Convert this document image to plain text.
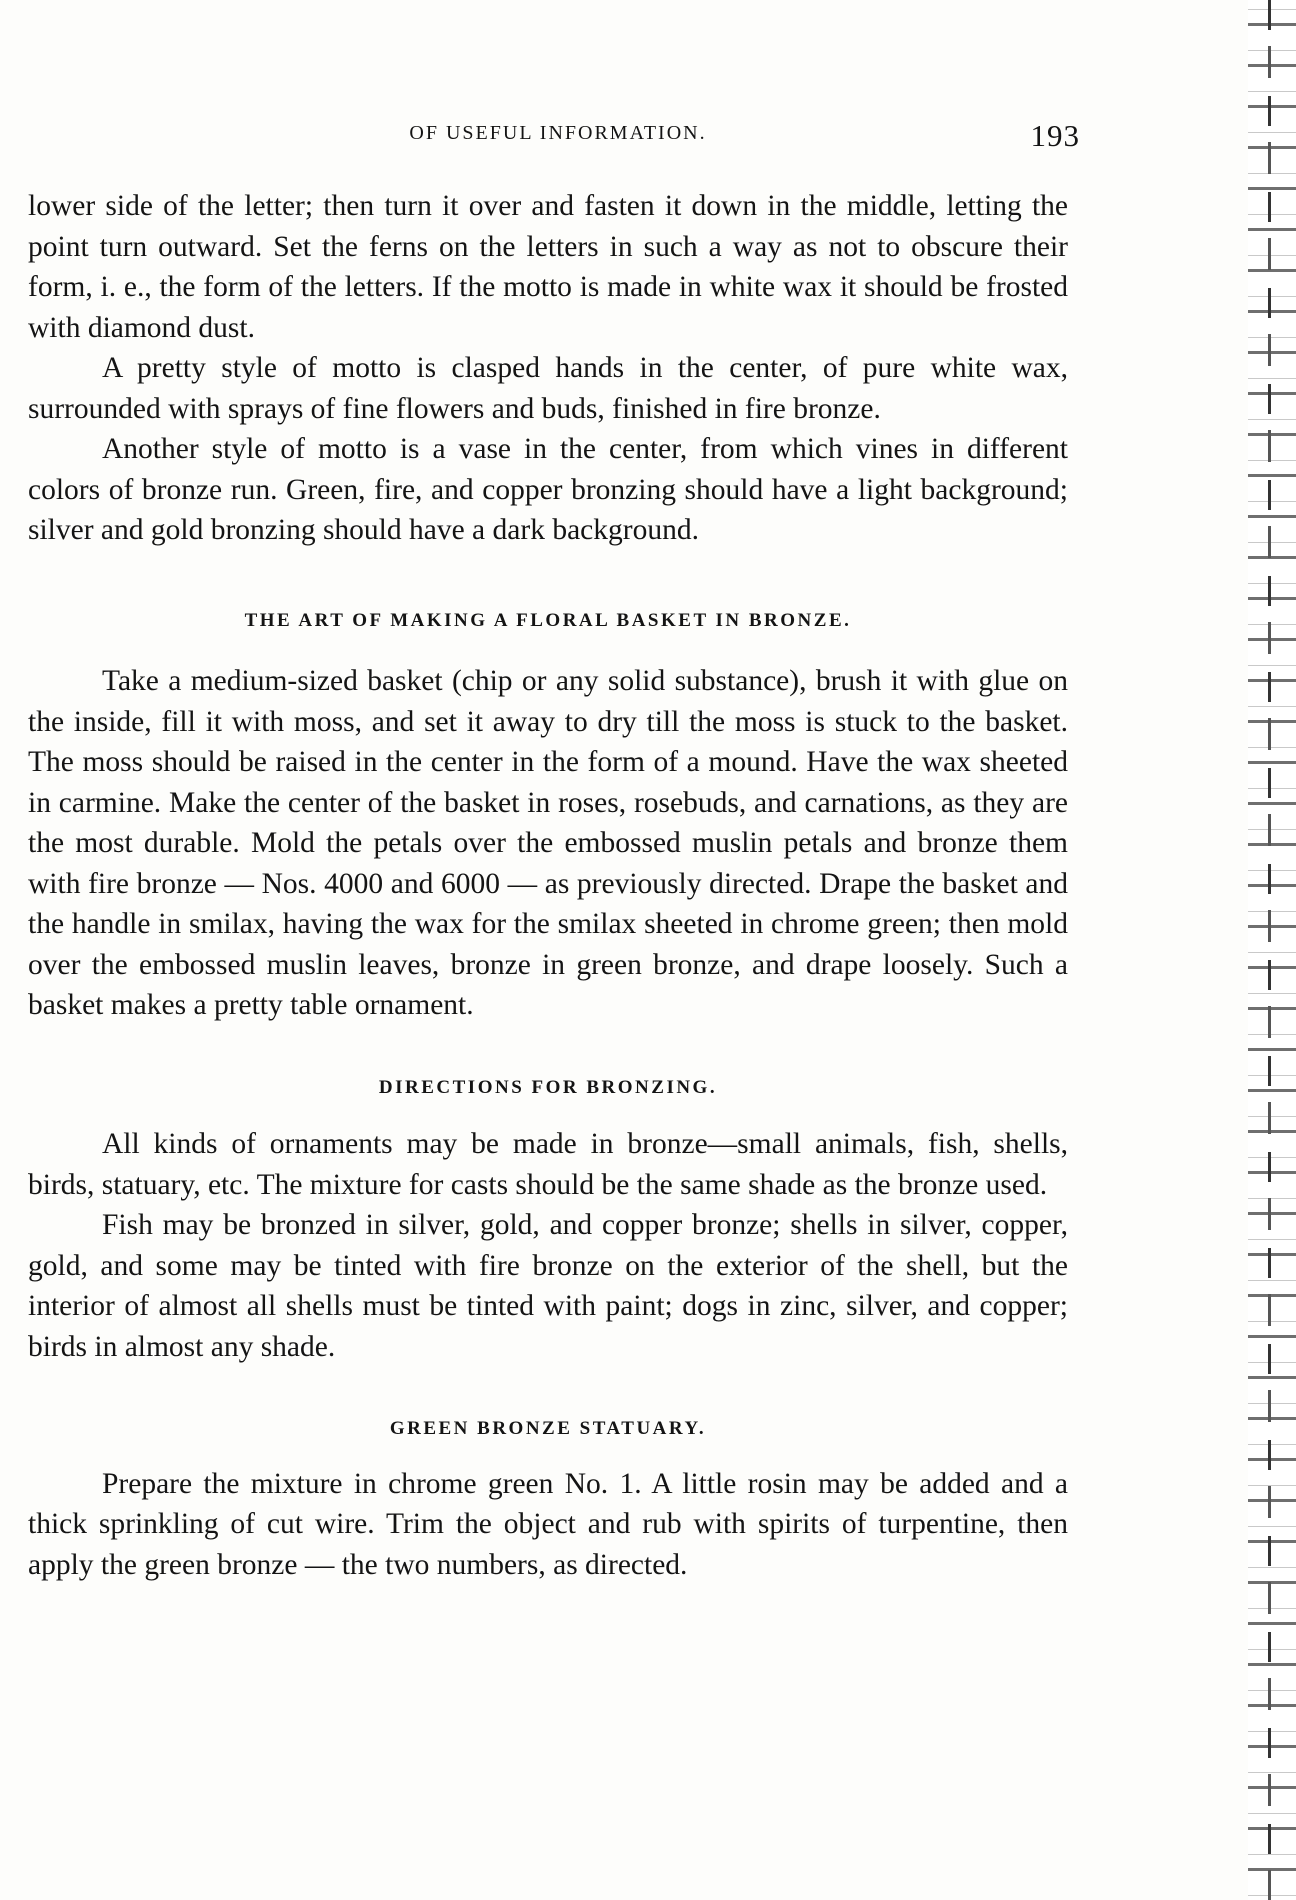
OF USEFUL INFORMATION.	193

lower side of the letter; then turn it over and fasten it down in the middle, letting the point turn outward. Set the ferns on the letters in such a way as not to obscure their form, i. e., the form of the letters. If the motto is made in white wax it should be frosted with diamond dust.

A pretty style of motto is clasped hands in the center, of pure white wax, surrounded with sprays of fine flowers and buds, finished in fire bronze.

Another style of motto is a vase in the center, from which vines in different colors of bronze run. Green, fire, and copper bronzing should have a light background; silver and gold bronzing should have a dark background.

THE ART OF MAKING A FLORAL BASKET IN BRONZE.

Take a medium-sized basket (chip or any solid substance), brush it with glue on the inside, fill it with moss, and set it away to dry till the moss is stuck to the basket. The moss should be raised in the center in the form of a mound. Have the wax sheeted in carmine. Make the center of the basket in roses, rosebuds, and carnations, as they are the most durable. Mold the petals over the embossed muslin petals and bronze them with fire bronze — Nos. 4000 and 6000 — as previously directed. Drape the basket and the handle in smilax, having the wax for the smilax sheeted in chrome green; then mold over the embossed muslin leaves, bronze in green bronze, and drape loosely. Such a basket makes a pretty table ornament.

DIRECTIONS FOR BRONZING.

All kinds of ornaments may be made in bronze—small animals, fish, shells, birds, statuary, etc. The mixture for casts should be the same shade as the bronze used.

Fish may be bronzed in silver, gold, and copper bronze; shells in silver, copper, gold, and some may be tinted with fire bronze on the exterior of the shell, but the interior of almost all shells must be tinted with paint; dogs in zinc, silver, and copper; birds in almost any shade.

GREEN BRONZE STATUARY.

Prepare the mixture in chrome green No. 1. A little rosin may be added and a thick sprinkling of cut wire. Trim the object and rub with spirits of turpentine, then apply the green bronze — the two numbers, as directed.
